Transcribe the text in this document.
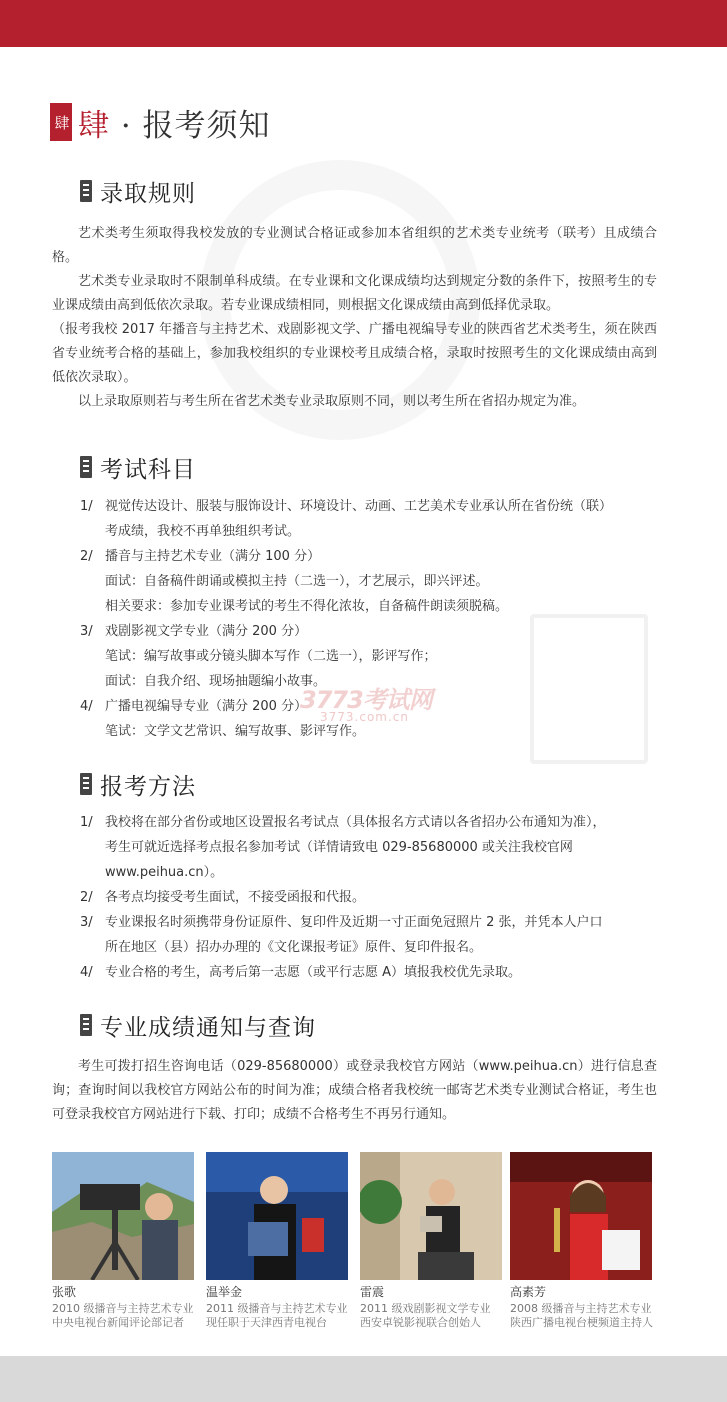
肆 肆 · 报考须知
录取规则

艺术类考生须取得我校发放的专业测试合格证或参加本省组织的艺术类专业统考（联考）且成绩合格。

艺术类专业录取时不限制单科成绩。在专业课和文化课成绩均达到规定分数的条件下，按照考生的专业课成绩由高到低依次录取。若专业课成绩相同，则根据文化课成绩由高到低择优录取。

（报考我校 2017 年播音与主持艺术、戏剧影视文学、广播电视编导专业的陕西省艺术类考生，须在陕西省专业统考合格的基础上，参加我校组织的专业课校考且成绩合格，录取时按照考生的文化课成绩由高到低依次录取）。

以上录取原则若与考生所在省艺术类专业录取原则不同，则以考生所在省招办规定为准。

考试科目
1/ 视觉传达设计、服装与服饰设计、环境设计、动画、工艺美术专业承认所在省份统（联）
考成绩，我校不再单独组织考试。
2/ 播音与主持艺术专业（满分 100 分）
面试：自备稿件朗诵或模拟主持（二选一），才艺展示，即兴评述。
相关要求：参加专业课考试的考生不得化浓妆，自备稿件朗读须脱稿。
3/ 戏剧影视文学专业（满分 200 分）
笔试：编写故事或分镜头脚本写作（二选一），影评写作；
面试：自我介绍、现场抽题编小故事。
4/ 广播电视编导专业（满分 200 分）
笔试：文学文艺常识、编写故事、影评写作。
3773考试网
3773.com.cn
报考方法
1/ 我校将在部分省份或地区设置报名考试点（具体报名方式请以各省招办公布通知为准），
考生可就近选择考点报名参加考试（详情请致电 029-85680000 或关注我校官网
www.peihua.cn）。
2/ 各考点均接受考生面试，不接受函报和代报。
3/ 专业课报名时须携带身份证原件、复印件及近期一寸正面免冠照片 2 张，并凭本人户口
所在地区（县）招办办理的《文化课报考证》原件、复印件报名。
4/ 专业合格的考生，高考后第一志愿（或平行志愿 A）填报我校优先录取。
专业成绩通知与查询

考生可拨打招生咨询电话（029-85680000）或登录我校官方网站（www.peihua.cn）进行信息查询；查询时间以我校官方网站公布的时间为准；成绩合格者我校统一邮寄艺术类专业测试合格证，考生也可登录我校官方网站进行下载、打印；成绩不合格考生不再另行通知。

张歌
2010 级播音与主持艺术专业
中央电视台新闻评论部记者
温举金
2011 级播音与主持艺术专业
现任职于天津西青电视台
雷震
2011 级戏剧影视文学专业
西安卓锐影视联合创始人
高素芳
2008 级播音与主持艺术专业
陕西广播电视台梗频道主持人
